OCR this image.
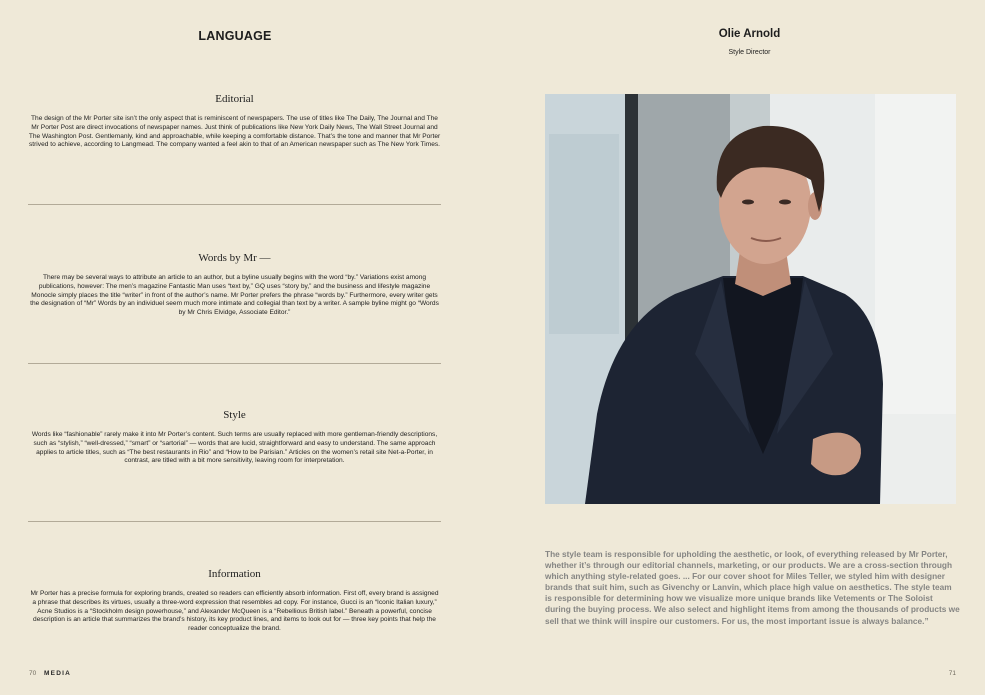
LANGUAGE
Editorial

The design of the Mr Porter site isn’t the only aspect that is reminiscent of newspapers. The use of titles like The Daily, The Journal and The Mr Porter Post are direct invocations of newspaper names. Just think of publications like New York Daily News, The Wall Street Journal and The Washington Post. Gentlemanly, kind and approachable, while keeping a comfortable distance. That’s the tone and manner that Mr Porter strived to achieve, according to Langmead. The company wanted a feel akin to that of an American newspaper such as The New York Times.

Words by Mr —

There may be several ways to attribute an article to an author, but a byline usually begins with the word “by.” Variations exist among publications, however: The men’s magazine Fantastic Man uses “text by,” GQ uses “story by,” and the business and lifestyle magazine Monocle simply places the title “writer” in front of the author’s name. Mr Porter prefers the phrase “words by.” Furthermore, every writer gets the designation of “Mr” Words by an individuel seem much more intimate and collegial than text by a writer. A sample byline might go “Words by Mr Chris Elvidge, Associate Editor.”

Style

Words like “fashionable” rarely make it into Mr Porter’s content. Such terms are usually replaced with more gentleman-friendly descriptions, such as “stylish,” “well-dressed,” “smart” or “sartorial” — words that are lucid, straightforward and easy to understand. The same approach applies to article titles, such as “The best restaurants in Rio” and “How to be Parisian.” Articles on the women’s retail site Net-a-Porter, in contrast, are titled with a bit more sensitivity, leaving room for interpretation.

Information

Mr Porter has a precise formula for exploring brands, created so readers can efficiently absorb information. First off, every brand is assigned a phrase that describes its virtues, usually a three-word expression that resembles ad copy. For instance, Gucci is an “Iconic Italian luxury,” Acne Studios is a “Stockholm design powerhouse,” and Alexander McQueen is a “Rebellious British label.” Beneath a powerful, concise description is an article that summarizes the brand’s history, its key product lines, and items to look out for — three key points that help the reader conceptualize the brand.

70 MEDIA
Olie Arnold
Style Director
The style team is responsible for upholding the aesthetic, or look, of everything released by Mr Porter, whether it’s through our editorial channels, marketing, or our products. We are a cross-section through which anything style-related goes. ... For our cover shoot for Miles Teller, we styled him with designer brands that suit him, such as Givenchy or Lanvin, which place high value on aesthetics. The style team is responsible for determining how we visualize more unique brands like Vetements or The Soloist during the buying process. We also select and highlight items from among the thousands of products we sell that we think will inspire our customers. For us, the most important issue is always balance.”
71
